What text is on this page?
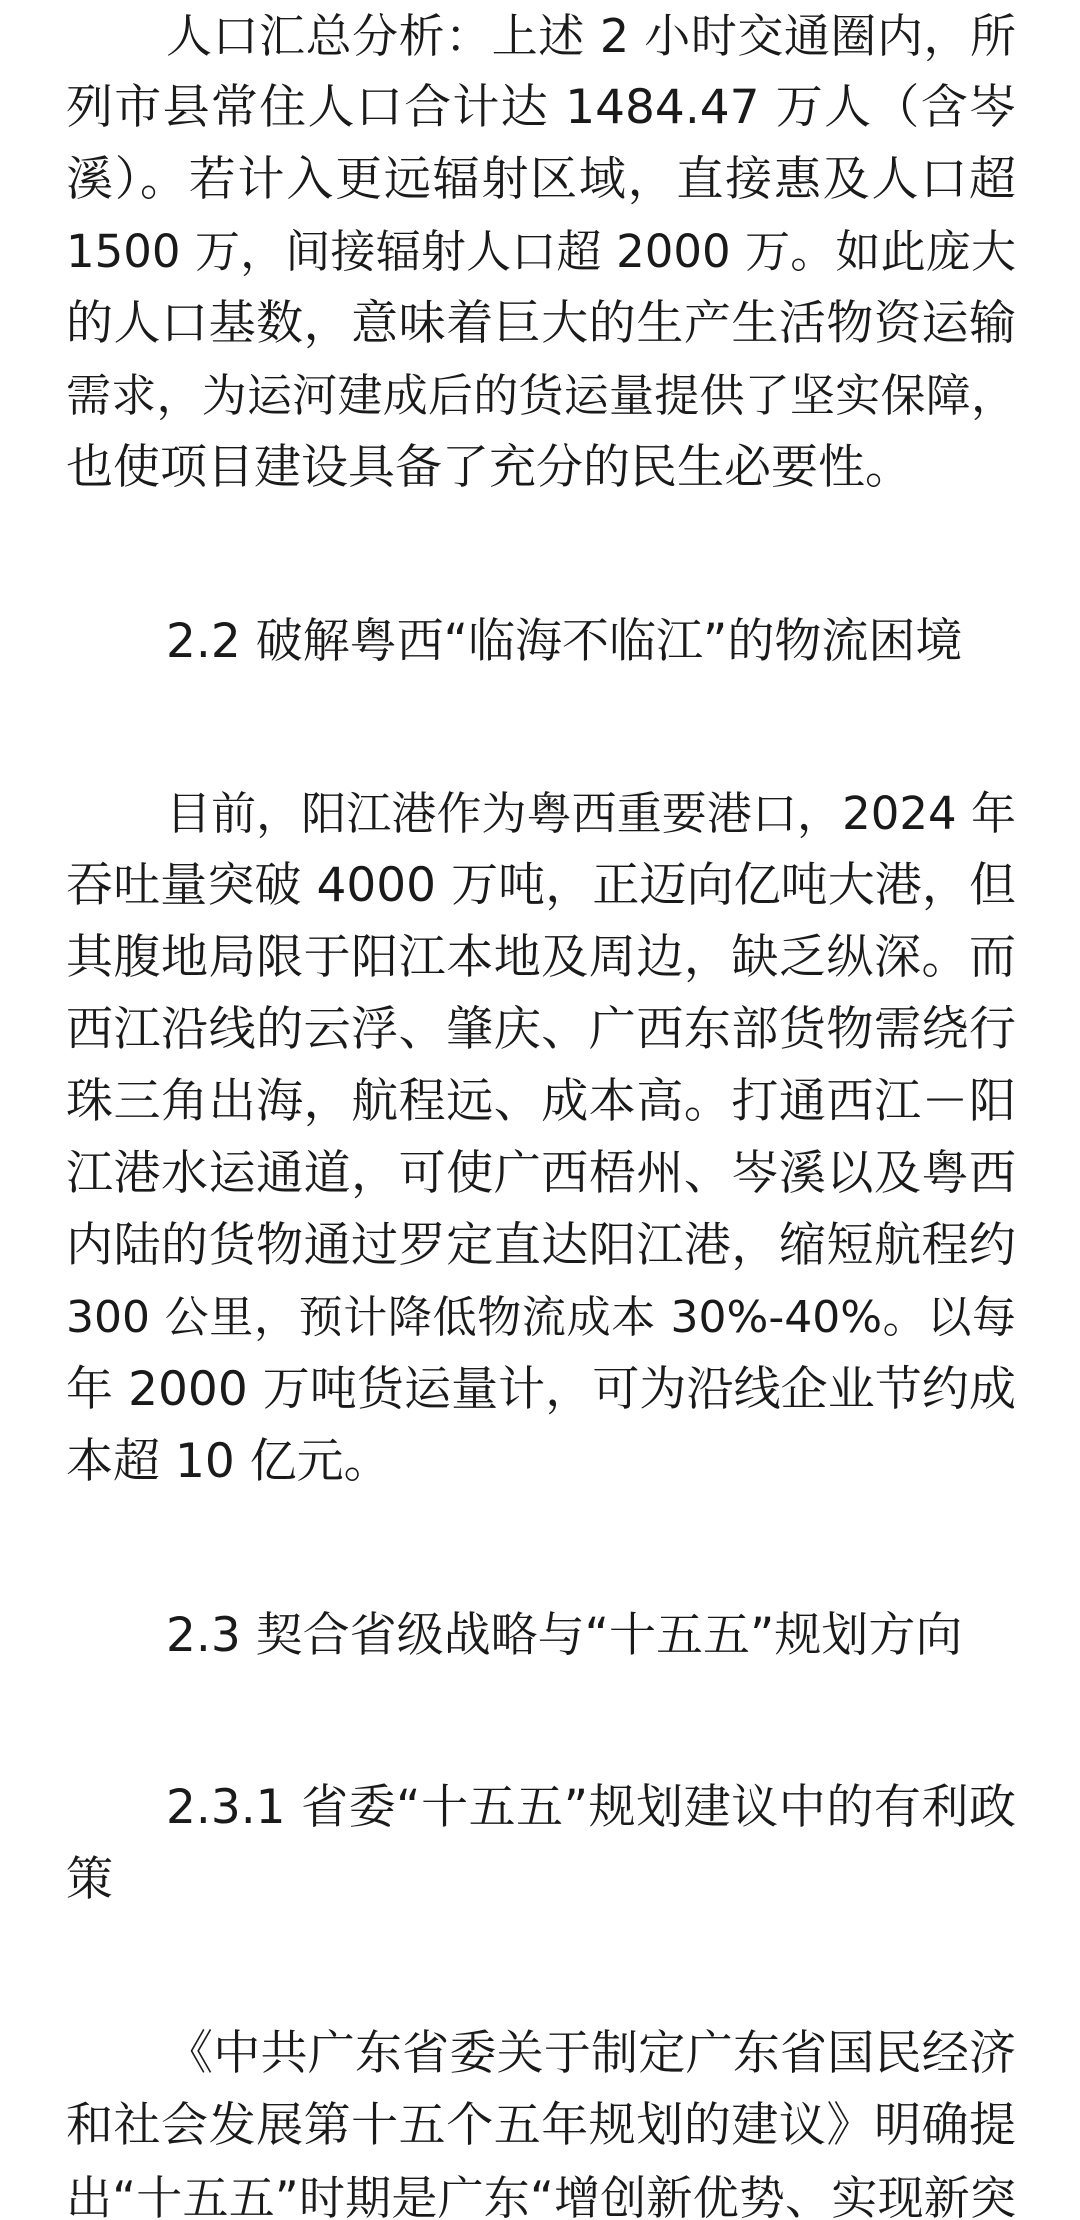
人口汇总分析：上述 2 小时交通圈内，所
列市县常住人口合计达 1484.47 万人（含岑
溪）。若计入更远辐射区域，直接惠及人口超
1500 万，间接辐射人口超 2000 万。如此庞大
的人口基数，意味着巨大的生产生活物资运输
需求，为运河建成后的货运量提供了坚实保障，
也使项目建设具备了充分的民生必要性。
2.2 破解粤西“临海不临江”的物流困境
目前，阳江港作为粤西重要港口，2024 年
吞吐量突破 4000 万吨，正迈向亿吨大港，但
其腹地局限于阳江本地及周边，缺乏纵深。而
西江沿线的云浮、肇庆、广西东部货物需绕行
珠三角出海，航程远、成本高。打通西江－阳
江港水运通道，可使广西梧州、岑溪以及粤西
内陆的货物通过罗定直达阳江港，缩短航程约
300 公里，预计降低物流成本 30%-40%。以每
年 2000 万吨货运量计，可为沿线企业节约成
本超 10 亿元。
2.3 契合省级战略与“十五五”规划方向
2.3.1 省委“十五五”规划建议中的有利政
策
《中共广东省委关于制定广东省国民经济
和社会发展第十五个五年规划的建议》明确提
出“十五五”时期是广东“增创新优势、实现新突
